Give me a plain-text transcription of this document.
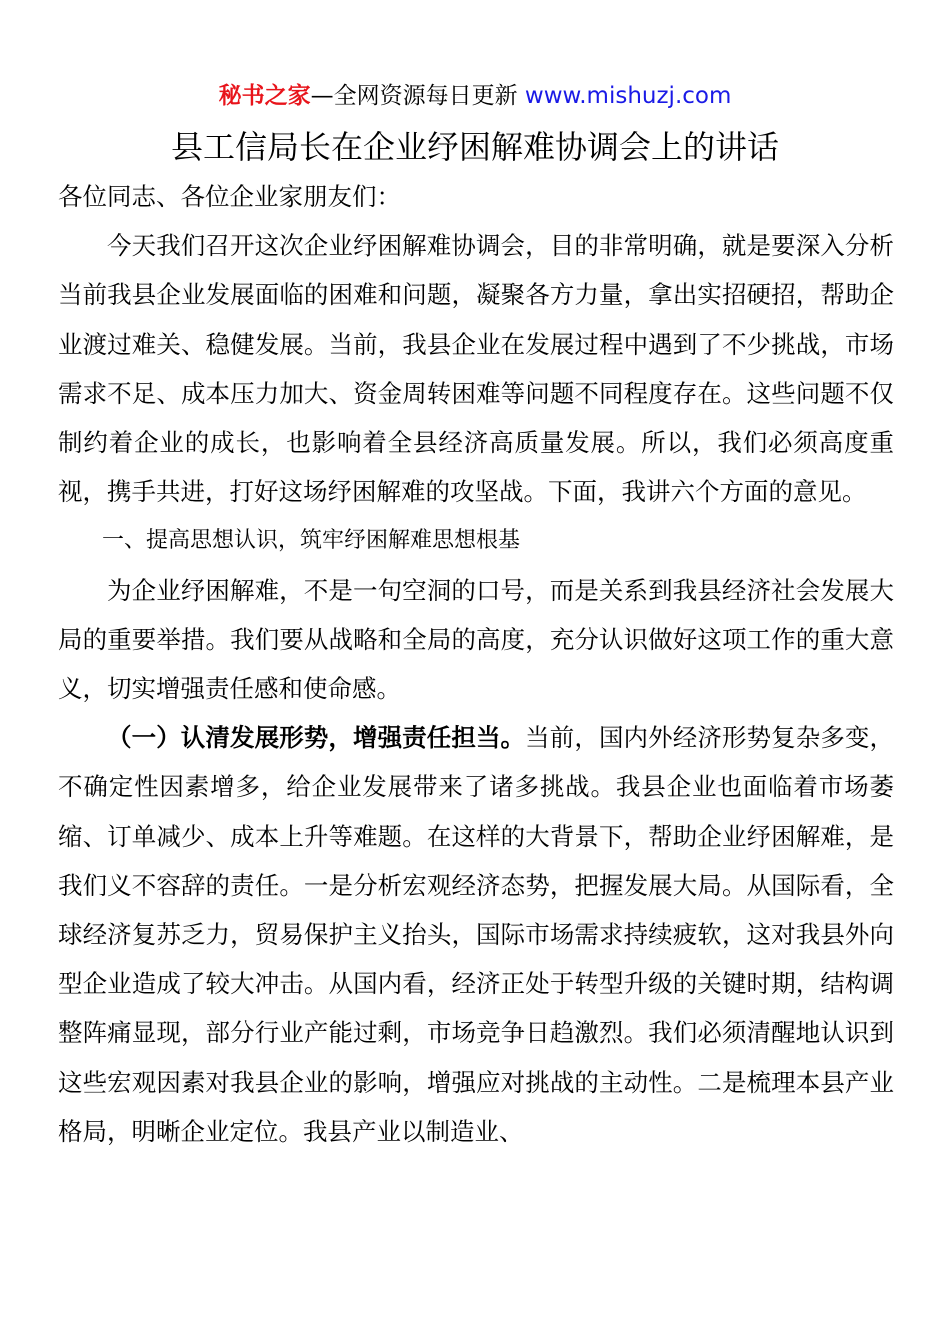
秘书之家—全网资源每日更新 www.mishuzj.com
县工信局长在企业纾困解难协调会上的讲话

各位同志、各位企业家朋友们：

今天我们召开这次企业纾困解难协调会，目的非常明确，就是要深入分析当前我县企业发展面临的困难和问题，凝聚各方力量，拿出实招硬招，帮助企业渡过难关、稳健发展。当前，我县企业在发展过程中遇到了不少挑战，市场需求不足、成本压力加大、资金周转困难等问题不同程度存在。这些问题不仅制约着企业的成长，也影响着全县经济高质量发展。所以，我们必须高度重视，携手共进，打好这场纾困解难的攻坚战。下面，我讲六个方面的意见。

一、提高思想认识，筑牢纾困解难思想根基

为企业纾困解难，不是一句空洞的口号，而是关系到我县经济社会发展大局的重要举措。我们要从战略和全局的高度，充分认识做好这项工作的重大意义，切实增强责任感和使命感。

（一）认清发展形势，增强责任担当。当前，国内外经济形势复杂多变，不确定性因素增多，给企业发展带来了诸多挑战。我县企业也面临着市场萎缩、订单减少、成本上升等难题。在这样的大背景下，帮助企业纾困解难，是我们义不容辞的责任。一是分析宏观经济态势，把握发展大局。从国际看，全球经济复苏乏力，贸易保护主义抬头，国际市场需求持续疲软，这对我县外向型企业造成了较大冲击。从国内看，经济正处于转型升级的关键时期，结构调整阵痛显现，部分行业产能过剩，市场竞争日趋激烈。我们必须清醒地认识到这些宏观因素对我县企业的影响，增强应对挑战的主动性。二是梳理本县产业格局，明晰企业定位。我县产业以制造业、
